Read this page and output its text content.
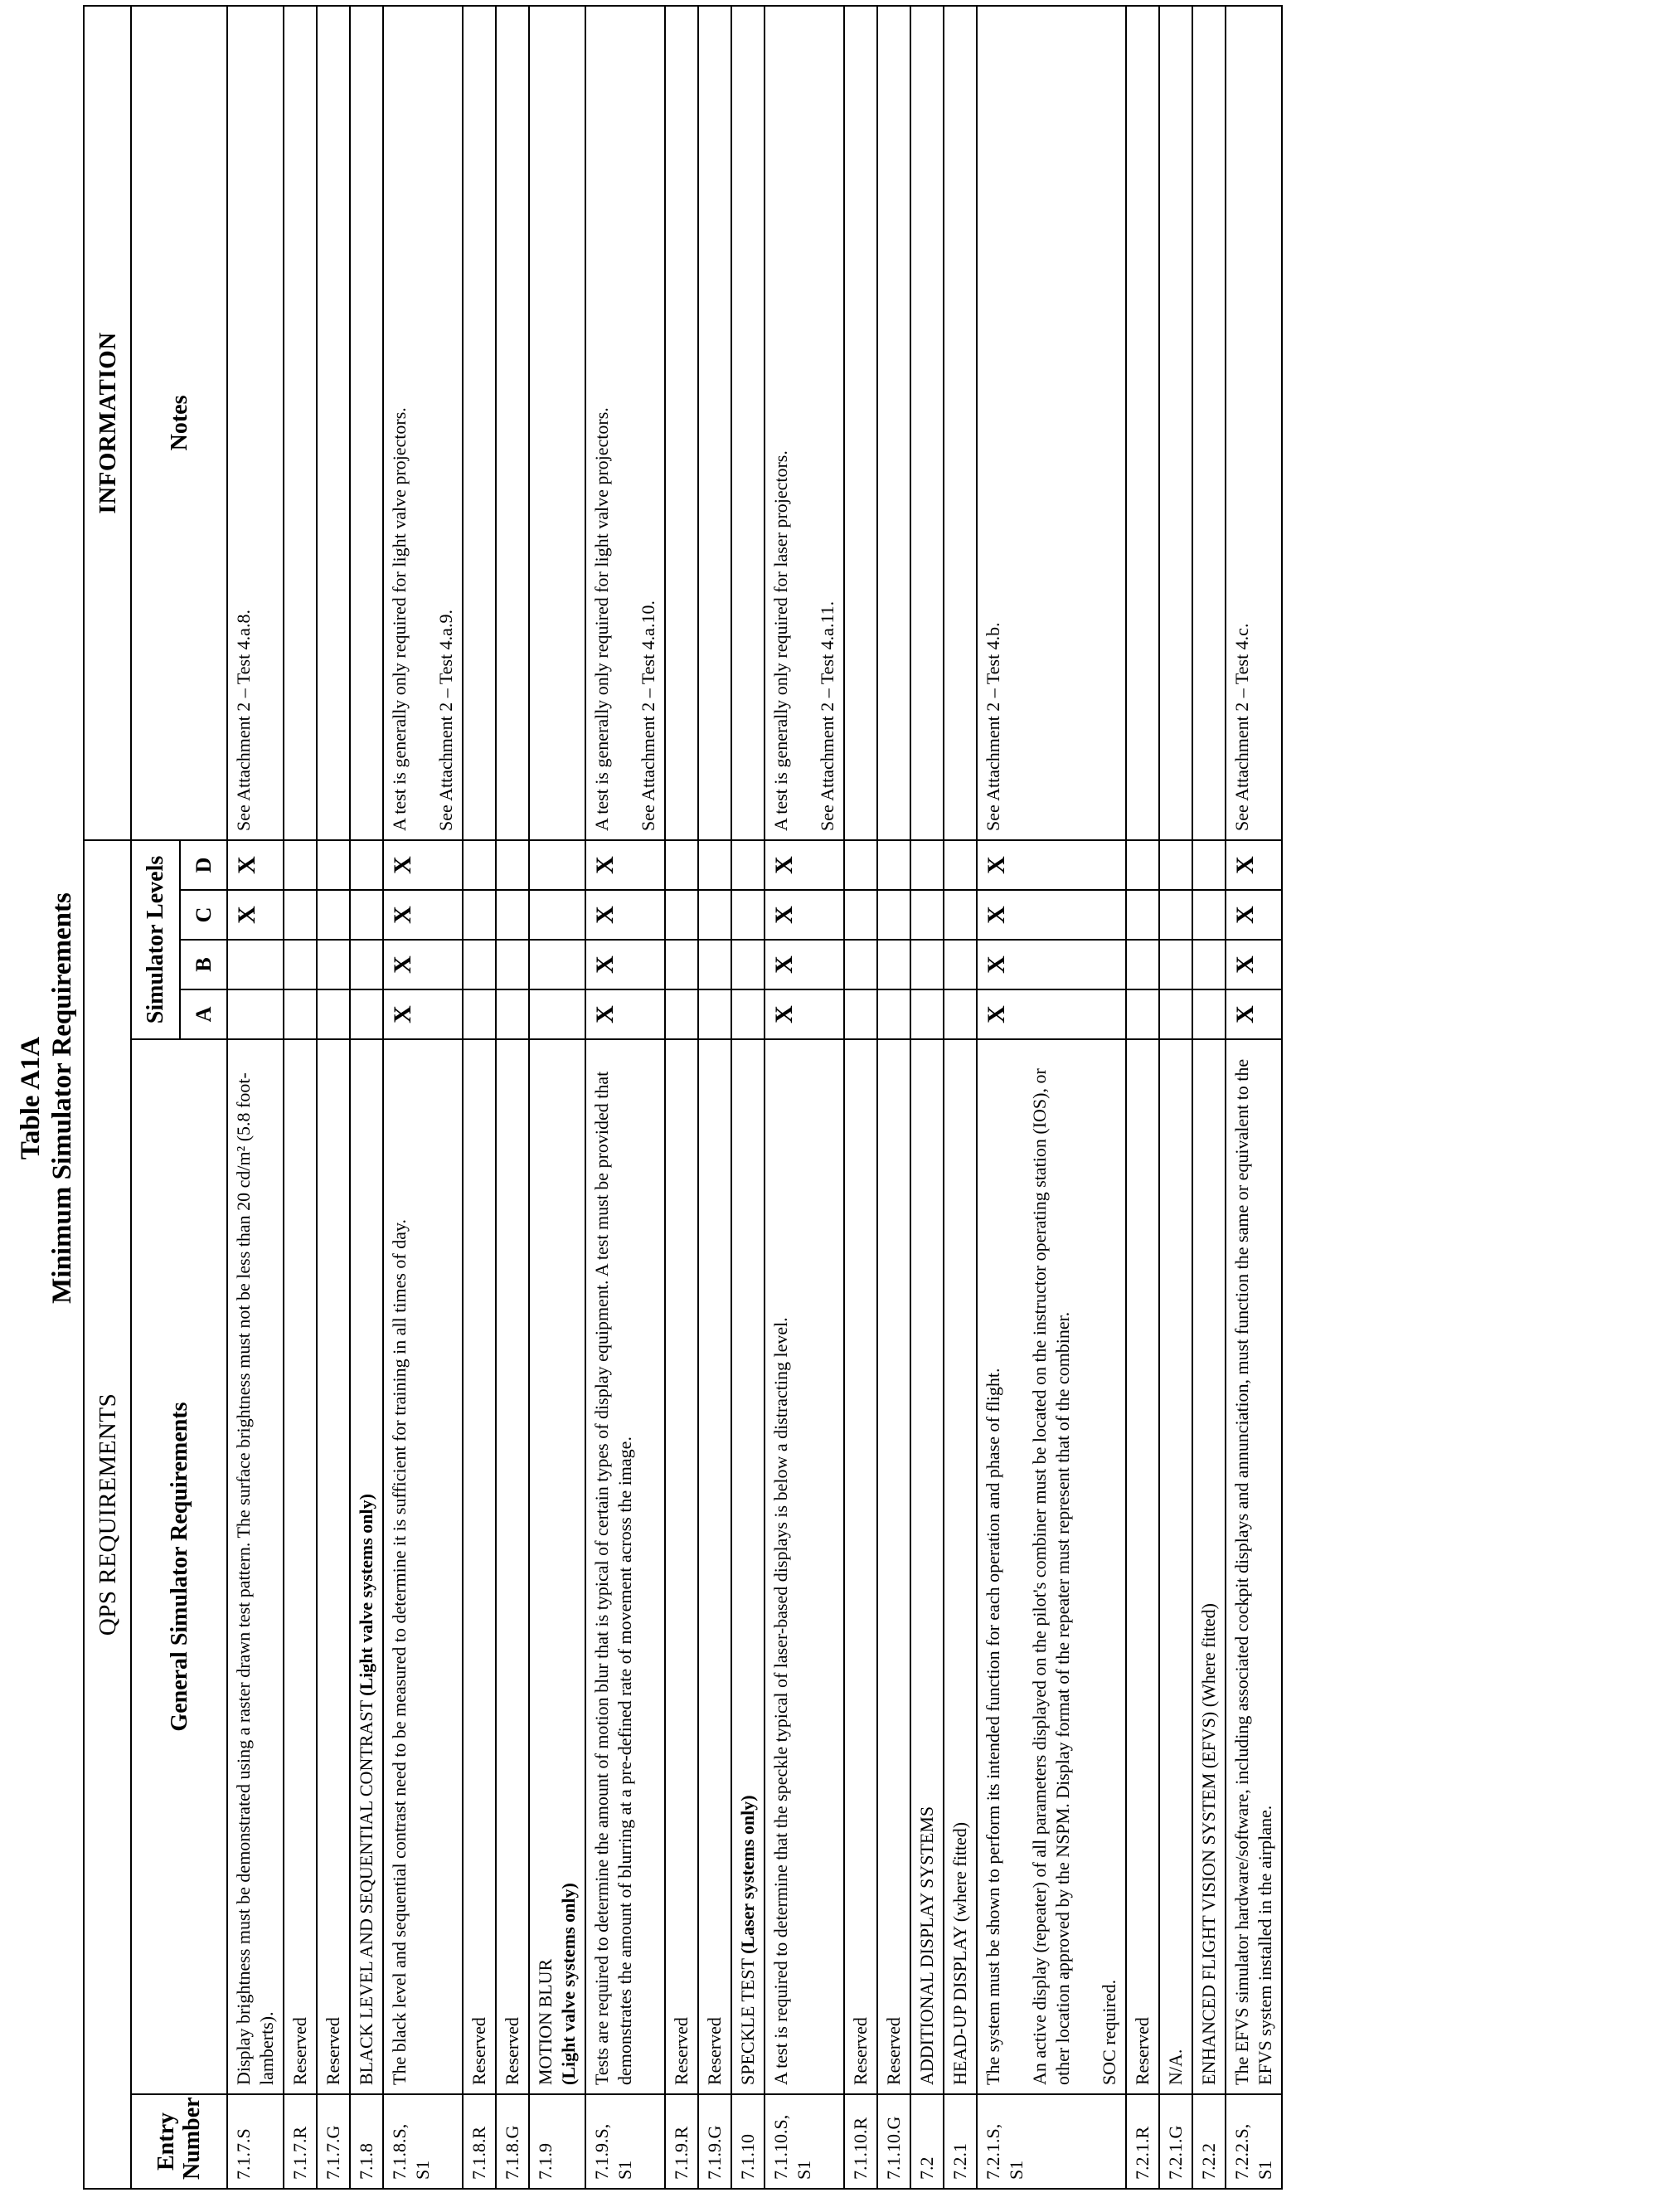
Table A1A Minimum Simulator Requirements
QPS REQUIREMENTS						INFORMATION
Entry Number	General Simulator Requirements	Simulator Levels				Notes
		A	B	C	D	
7.1.7.S	Display brightness must be demonstrated using a raster drawn test pattern. The surface brightness must not be less than 20 cd/m² (5.8 foot-lamberts).			X	X	See Attachment 2 – Test 4.a.8.

7.1.7.R	Reserved					

7.1.7.G	Reserved					

7.1.8	BLACK LEVEL AND SEQUENTIAL CONTRAST (Light valve systems only)					

7.1.8.S, S1	The black level and sequential contrast need to be measured to determine it is sufficient for training in all times of day.	X	X	X	X	A test is generally only required for light valve projectors. See Attachment 2 – Test 4.a.9.

7.1.8.R	Reserved					

7.1.8.G	Reserved					

7.1.9	MOTION BLUR (Light valve systems only)					

7.1.9.S, S1	Tests are required to determine the amount of motion blur that is typical of certain types of display equipment. A test must be provided that demonstrates the amount of blurring at a pre-defined rate of movement across the image.	X	X	X	X	A test is generally only required for light valve projectors. See Attachment 2 – Test 4.a.10.

7.1.9.R	Reserved					

7.1.9.G	Reserved					

7.1.10	SPECKLE TEST (Laser systems only)					

7.1.10.S, S1	A test is required to determine that the speckle typical of laser-based displays is below a distracting level.	X	X	X	X	A test is generally only required for laser projectors. See Attachment 2 – Test 4.a.11.

7.1.10.R	Reserved					

7.1.10.G	Reserved					

7.2	ADDITIONAL DISPLAY SYSTEMS					

7.2.1	HEAD-UP DISPLAY (where fitted)					

7.2.1.S, S1	The system must be shown to perform its intended function for each operation and phase of flight. An active display (repeater) of all parameters displayed on the pilot's combiner must be located on the instructor operating station (IOS), or other location approved by the NSPM. Display format of the repeater must represent that of the combiner. SOC required.	X	X	X	X	See Attachment 2 – Test 4.b.

7.2.1.R	Reserved					

7.2.1.G	N/A.					

7.2.2	ENHANCED FLIGHT VISION SYSTEM (EFVS) (Where fitted)					

7.2.2.S, S1	The EFVS simulator hardware/software, including associated cockpit displays and annunciation, must function the same or equivalent to the EFVS system installed in the airplane.	X	X	X	X	See Attachment 2 – Test 4.c.
